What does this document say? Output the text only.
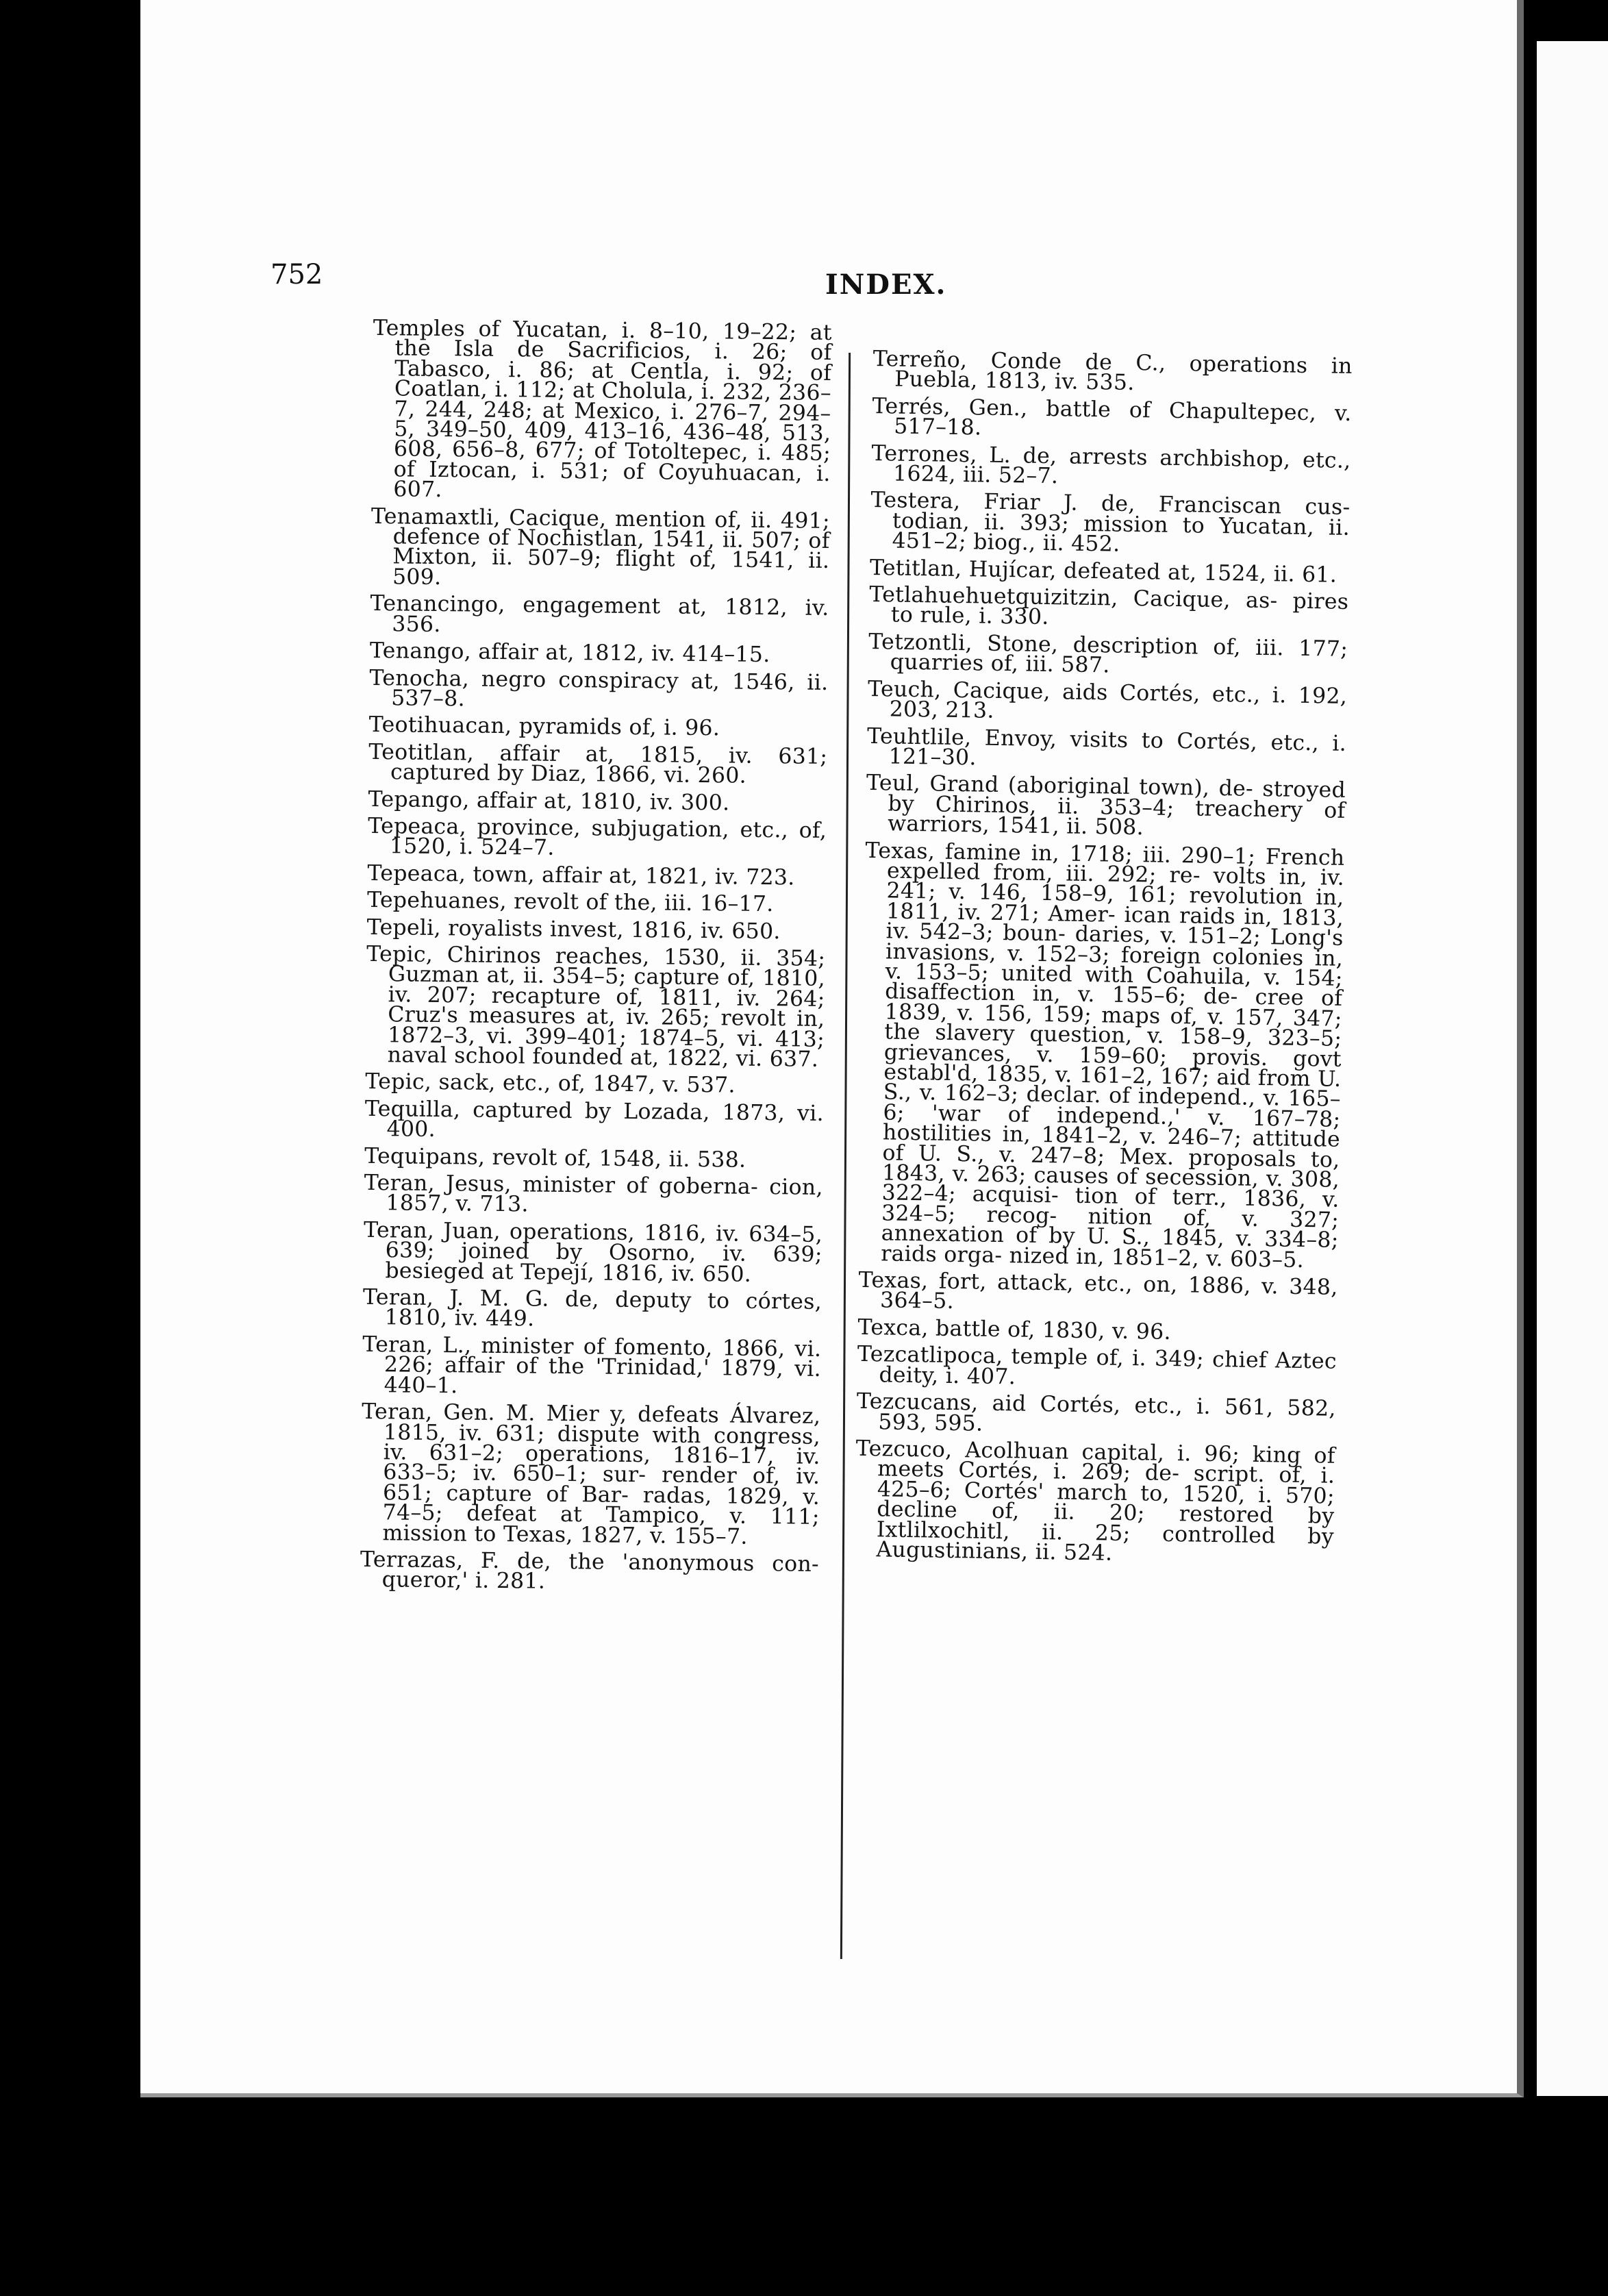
752	INDEX.

Temples of Yucatan, i. 8–10, 19–22; at the Isla de Sacrificios, i. 26; of Tabasco, i. 86; at Centla, i. 92; of Coatlan, i. 112; at Cholula, i. 232, 236–7, 244, 248; at Mexico, i. 276–7, 294–5, 349–50, 409, 413–16, 436–48, 513, 608, 656–8, 677; of Totoltepec, i. 485; of Iztocan, i. 531; of Coyuhuacan, i. 607.

Tenamaxtli, Cacique, mention of, ii. 491; defence of Nochistlan, 1541, ii. 507; of Mixton, ii. 507–9; flight of, 1541, ii. 509.

Tenancingo, engagement at, 1812, iv. 356.

Tenango, affair at, 1812, iv. 414–15.

Tenocha, negro conspiracy at, 1546, ii. 537–8.

Teotihuacan, pyramids of, i. 96.

Teotitlan, affair at, 1815, iv. 631; captured by Diaz, 1866, vi. 260.

Tepango, affair at, 1810, iv. 300.

Tepeaca, province, subjugation, etc., of, 1520, i. 524–7.

Tepeaca, town, affair at, 1821, iv. 723.

Tepehuanes, revolt of the, iii. 16–17.

Tepeli, royalists invest, 1816, iv. 650.

Tepic, Chirinos reaches, 1530, ii. 354; Guzman at, ii. 354–5; capture of, 1810, iv. 207; recapture of, 1811, iv. 264; Cruz's measures at, iv. 265; revolt in, 1872–3, vi. 399–401; 1874–5, vi. 413; naval school founded at, 1822, vi. 637.

Tepic, sack, etc., of, 1847, v. 537.

Tequilla, captured by Lozada, 1873, vi. 400.

Tequipans, revolt of, 1548, ii. 538.

Teran, Jesus, minister of goberna- cion, 1857, v. 713.

Teran, Juan, operations, 1816, iv. 634–5, 639; joined by Osorno, iv. 639; besieged at Tepejí, 1816, iv. 650.

Teran, J. M. G. de, deputy to córtes, 1810, iv. 449.

Teran, L., minister of fomento, 1866, vi. 226; affair of the 'Trinidad,' 1879, vi. 440–1.

Teran, Gen. M. Mier y, defeats Álvarez, 1815, iv. 631; dispute with congress, iv. 631–2; operations, 1816–17, iv. 633–5; iv. 650–1; sur- render of, iv. 651; capture of Bar- radas, 1829, v. 74–5; defeat at Tampico, v. 111; mission to Texas, 1827, v. 155–7.

Terrazas, F. de, the 'anonymous con- queror,' i. 281.

Terreño, Conde de C., operations in Puebla, 1813, iv. 535.

Terrés, Gen., battle of Chapultepec, v. 517–18.

Terrones, L. de, arrests archbishop, etc., 1624, iii. 52–7.

Testera, Friar J. de, Franciscan cus- todian, ii. 393; mission to Yucatan, ii. 451–2; biog., ii. 452.

Tetitlan, Hujícar, defeated at, 1524, ii. 61.

Tetlahuehuetquizitzin, Cacique, as- pires to rule, i. 330.

Tetzontli, Stone, description of, iii. 177; quarries of, iii. 587.

Teuch, Cacique, aids Cortés, etc., i. 192, 203, 213.

Teuhtlile, Envoy, visits to Cortés, etc., i. 121–30.

Teul, Grand (aboriginal town), de- stroyed by Chirinos, ii. 353–4; treachery of warriors, 1541, ii. 508.

Texas, famine in, 1718; iii. 290–1; French expelled from, iii. 292; re- volts in, iv. 241; v. 146, 158–9, 161; revolution in, 1811, iv. 271; Amer- ican raids in, 1813, iv. 542–3; boun- daries, v. 151–2; Long's invasions, v. 152–3; foreign colonies in, v. 153–5; united with Coahuila, v. 154; disaffection in, v. 155–6; de- cree of 1839, v. 156, 159; maps of, v. 157, 347; the slavery question, v. 158–9, 323–5; grievances, v. 159–60; provis. govt establ'd, 1835, v. 161–2, 167; aid from U. S., v. 162–3; declar. of independ., v. 165–6; 'war of independ.,' v. 167–78; hostilities in, 1841–2, v. 246–7; attitude of U. S., v. 247–8; Mex. proposals to, 1843, v. 263; causes of secession, v. 308, 322–4; acquisi- tion of terr., 1836, v. 324–5; recog- nition of, v. 327; annexation of by U. S., 1845, v. 334–8; raids orga- nized in, 1851–2, v. 603–5.

Texas, fort, attack, etc., on, 1886, v. 348, 364–5.

Texca, battle of, 1830, v. 96.

Tezcatlipoca, temple of, i. 349; chief Aztec deity, i. 407.

Tezcucans, aid Cortés, etc., i. 561, 582, 593, 595.

Tezcuco, Acolhuan capital, i. 96; king of meets Cortés, i. 269; de- script. of, i. 425–6; Cortés' march to, 1520, i. 570; decline of, ii. 20; restored by Ixtlilxochitl, ii. 25; controlled by Augustinians, ii. 524.
